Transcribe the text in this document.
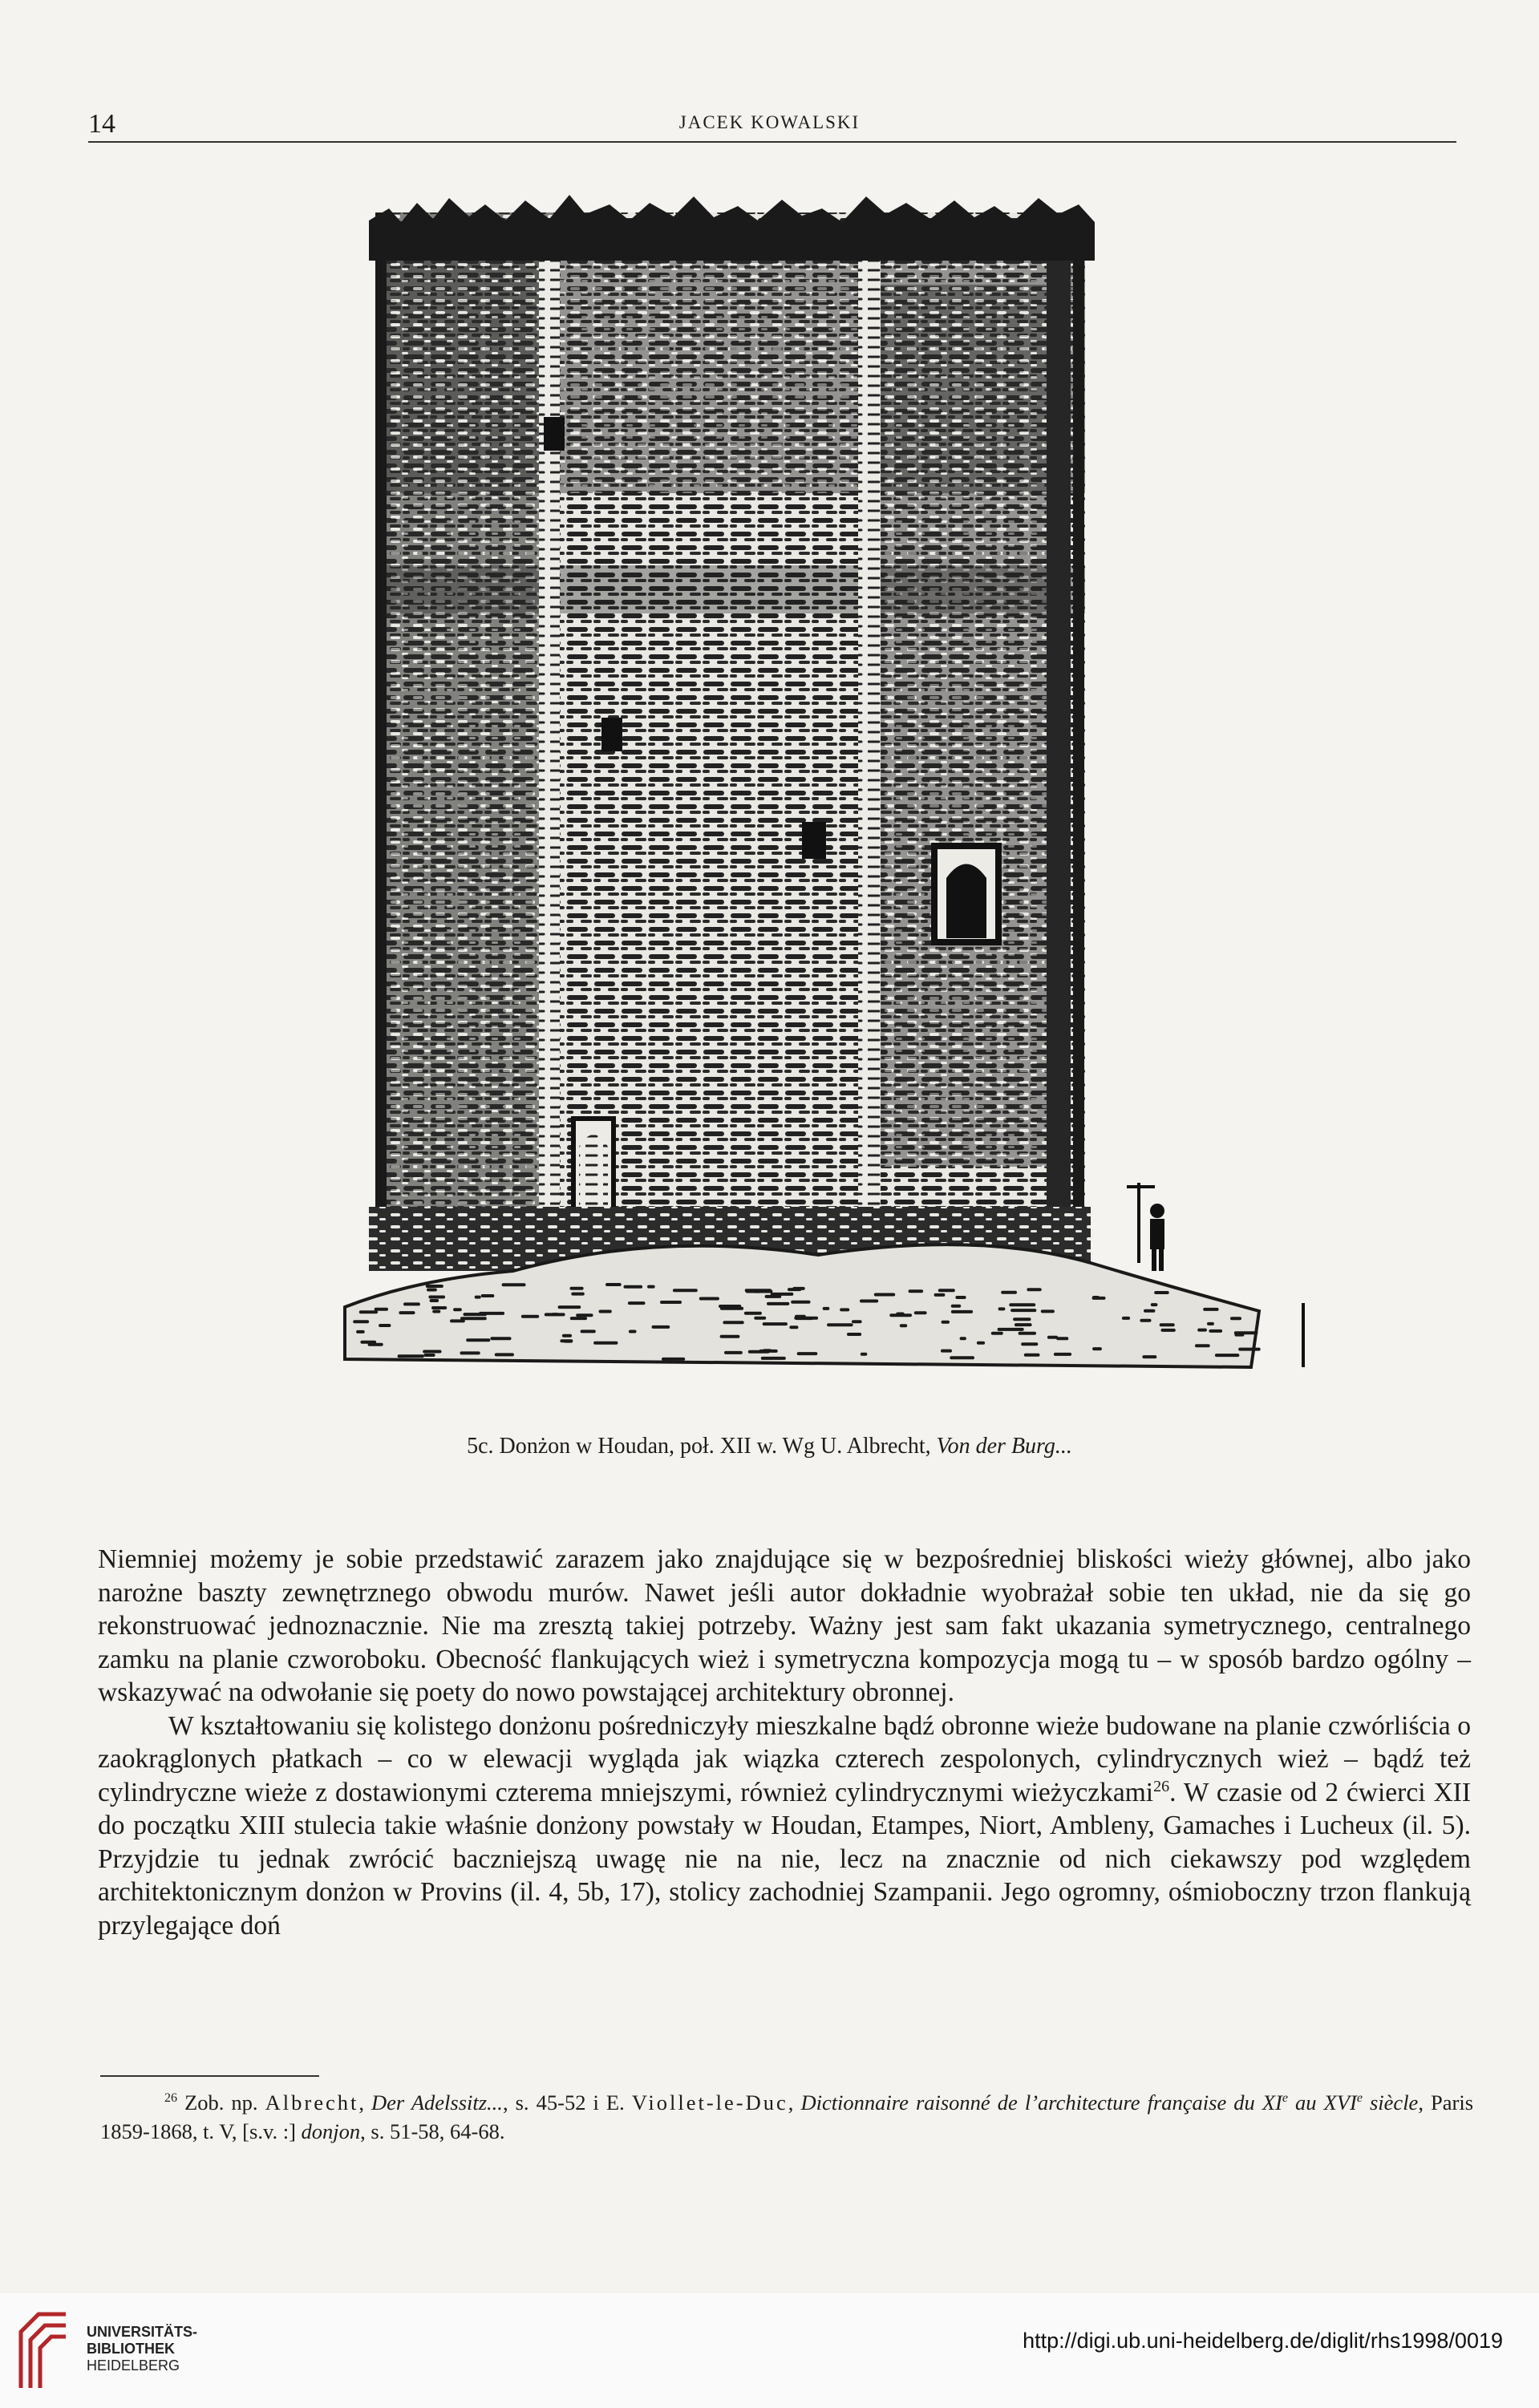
14	JACEK KOWALSKI
5c. Donżon w Houdan, poł. XII w. Wg U. Albrecht, Von der Burg...

Niemniej możemy je sobie przedstawić zarazem jako znajdujące się w bezpośredniej bliskości wieży głównej, albo jako narożne baszty zewnętrznego obwodu murów. Nawet jeśli autor dokładnie wyobrażał sobie ten układ, nie da się go rekonstruować jednoznacznie. Nie ma zresztą takiej potrzeby. Ważny jest sam fakt ukazania symetrycznego, centralnego zamku na planie czworoboku. Obecność flankujących wież i symetryczna kompozycja mogą tu – w sposób bardzo ogólny – wskazywać na odwołanie się poety do nowo powstającej architektury obronnej.

W kształtowaniu się kolistego donżonu pośredniczyły mieszkalne bądź obronne wieże budowane na planie czwórliścia o zaokrąglonych płatkach – co w elewacji wygląda jak wiązka czterech zespolonych, cylindrycznych wież – bądź też cylindryczne wieże z dostawionymi czterema mniejszymi, również cylindrycznymi wieżyczkami$^{26}$. W czasie od 2 ćwierci XII do początku XIII stulecia takie właśnie donżony powstały w Houdan, Etampes, Niort, Ambleny, Gamaches i Lucheux (il. 5). Przyjdzie tu jednak zwrócić baczniejszą uwagę nie na nie, lecz na znacznie od nich ciekawszy pod względem architektonicznym donżon w Provins (il. 4, 5b, 17), stolicy zachodniej Szampanii. Jego ogromny, ośmioboczny trzon flankują przylegające doń

$^{26}$ Zob. np. Albrecht, Der Adelssitz..., s. 45-52 i E. Viollet-le-Duc, Dictionnaire raisonné de l’architecture française du XIe au XVIe siècle, Paris 1859-1868, t. V, [s.v. :] donjon, s. 51-58, 64-68.
UNIVERSITÄTS-
BIBLIOTHEK
HEIDELBERG
http://digi.ub.uni-heidelberg.de/diglit/rhs1998/0019
